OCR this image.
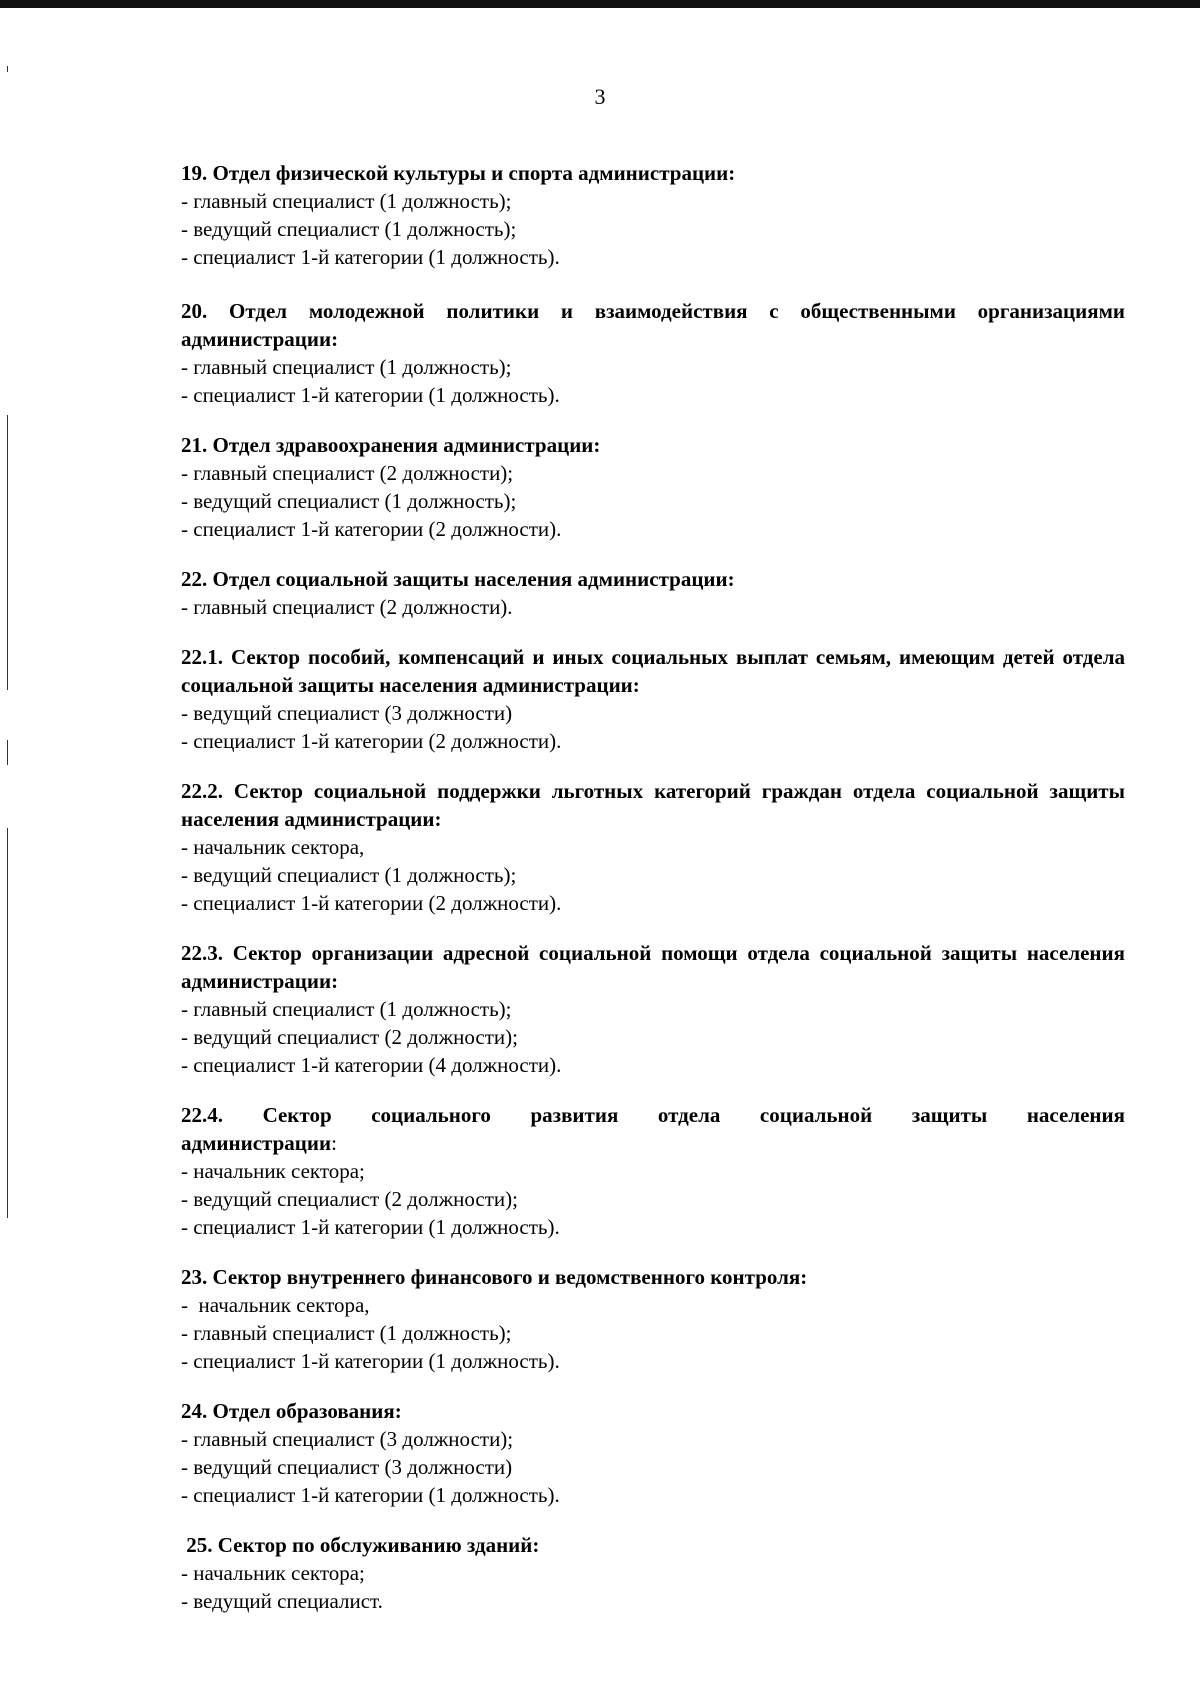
3
19. Отдел физической культуры и спорта администрации:
- главный специалист (1 должность);
- ведущий специалист (1 должность);
- специалист 1-й категории (1 должность).
20. Отдел молодежной политики и взаимодействия с общественными организациями администрации:
- главный специалист (1 должность);
- специалист 1-й категории (1 должность).
21. Отдел здравоохранения администрации:
- главный специалист (2 должности);
- ведущий специалист (1 должность);
- специалист 1-й категории (2 должности).
22. Отдел социальной защиты населения администрации:
- главный специалист (2 должности).
22.1. Сектор пособий, компенсаций и иных социальных выплат семьям, имеющим детей отдела социальной защиты населения администрации:
- ведущий специалист (3 должности)
- специалист 1-й категории (2 должности).
22.2. Сектор социальной поддержки льготных категорий граждан отдела социальной защиты населения администрации:
- начальник сектора,
- ведущий специалист (1 должность);
- специалист 1-й категории (2 должности).
22.3. Сектор организации адресной социальной помощи отдела социальной защиты населения администрации:
- главный специалист (1 должность);
- ведущий специалист (2 должности);
- специалист 1-й категории (4 должности).
22.4. Сектор социального развития отдела социальной защиты населения
администрации:
- начальник сектора;
- ведущий специалист (2 должности);
- специалист 1-й категории (1 должность).
23. Сектор внутреннего финансового и ведомственного контроля:
-  начальник сектора,
- главный специалист (1 должность);
- специалист 1-й категории (1 должность).
24. Отдел образования:
- главный специалист (3 должности);
- ведущий специалист (3 должности)
- специалист 1-й категории (1 должность).
25. Сектор по обслуживанию зданий:
- начальник сектора;
- ведущий специалист.
